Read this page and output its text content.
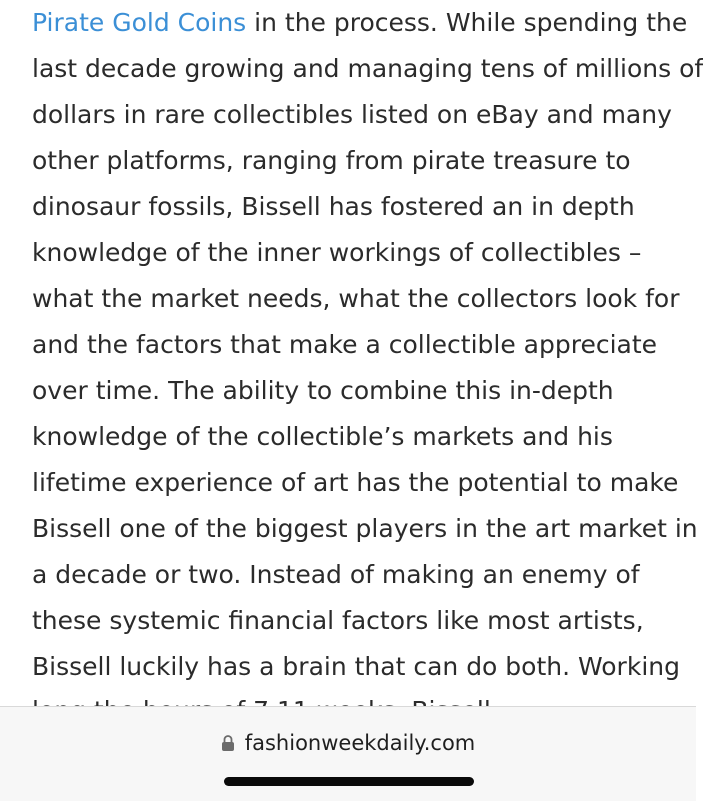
Pirate Gold Coins in the process. While spending the
last decade growing and managing tens of millions of
dollars in rare collectibles listed on eBay and many
other platforms, ranging from pirate treasure to
dinosaur fossils, Bissell has fostered an in depth
knowledge of the inner workings of collectibles –
what the market needs, what the collectors look for
and the factors that make a collectible appreciate
over time. The ability to combine this in-depth
knowledge of the collectible’s markets and his
lifetime experience of art has the potential to make
Bissell one of the biggest players in the art market in
a decade or two. Instead of making an enemy of
these systemic financial factors like most artists,
Bissell luckily has a brain that can do both. Working
fashionweekdaily.com
